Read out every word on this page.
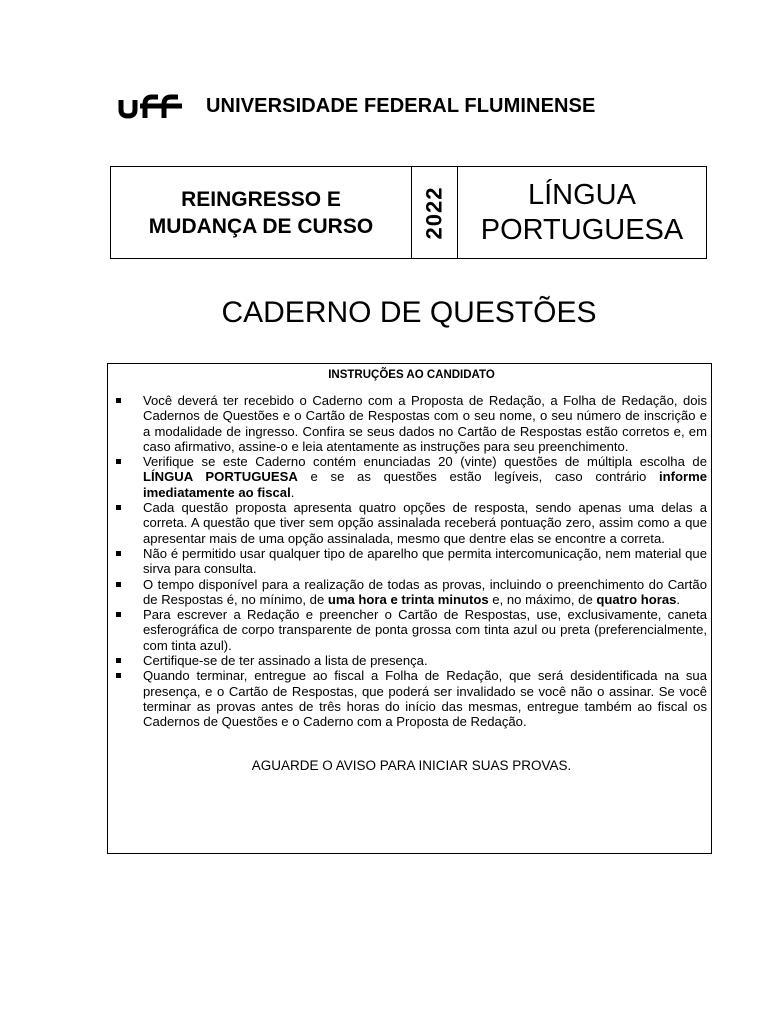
UNIVERSIDADE FEDERAL FLUMINENSE
REINGRESSO E
MUDANÇA DE CURSO 2022	LÍNGUA
PORTUGUESA
CADERNO DE QUESTÕES
INSTRUÇÕES AO CANDIDATO
Você deverá ter recebido o Caderno com a Proposta de Redação, a Folha de Redação, dois Cadernos de Questões e o Cartão de Respostas com o seu nome, o seu número de inscrição e a modalidade de ingresso. Confira se seus dados no Cartão de Respostas estão corretos e, em caso afirmativo, assine-o e leia atentamente as instruções para seu preenchimento.
Verifique se este Caderno contém enunciadas 20 (vinte) questões de múltipla escolha de LÍNGUA PORTUGUESA e se as questões estão legíveis, caso contrário informe imediatamente ao fiscal.
Cada questão proposta apresenta quatro opções de resposta, sendo apenas uma delas a correta. A questão que tiver sem opção assinalada receberá pontuação zero, assim como a que apresentar mais de uma opção assinalada, mesmo que dentre elas se encontre a correta.
Não é permitido usar qualquer tipo de aparelho que permita intercomunicação, nem material que sirva para consulta.
O tempo disponível para a realização de todas as provas, incluindo o preenchimento do Cartão de Respostas é, no mínimo, de uma hora e trinta minutos e, no máximo, de quatro horas.
Para escrever a Redação e preencher o Cartão de Respostas, use, exclusivamente, caneta esferográfica de corpo transparente de ponta grossa com tinta azul ou preta (preferencialmente, com tinta azul).
Certifique-se de ter assinado a lista de presença.
Quando terminar, entregue ao fiscal a Folha de Redação, que será desidentificada na sua presença, e o Cartão de Respostas, que poderá ser invalidado se você não o assinar. Se você terminar as provas antes de três horas do início das mesmas, entregue também ao fiscal os Cadernos de Questões e o Caderno com a Proposta de Redação.
AGUARDE O AVISO PARA INICIAR SUAS PROVAS.
